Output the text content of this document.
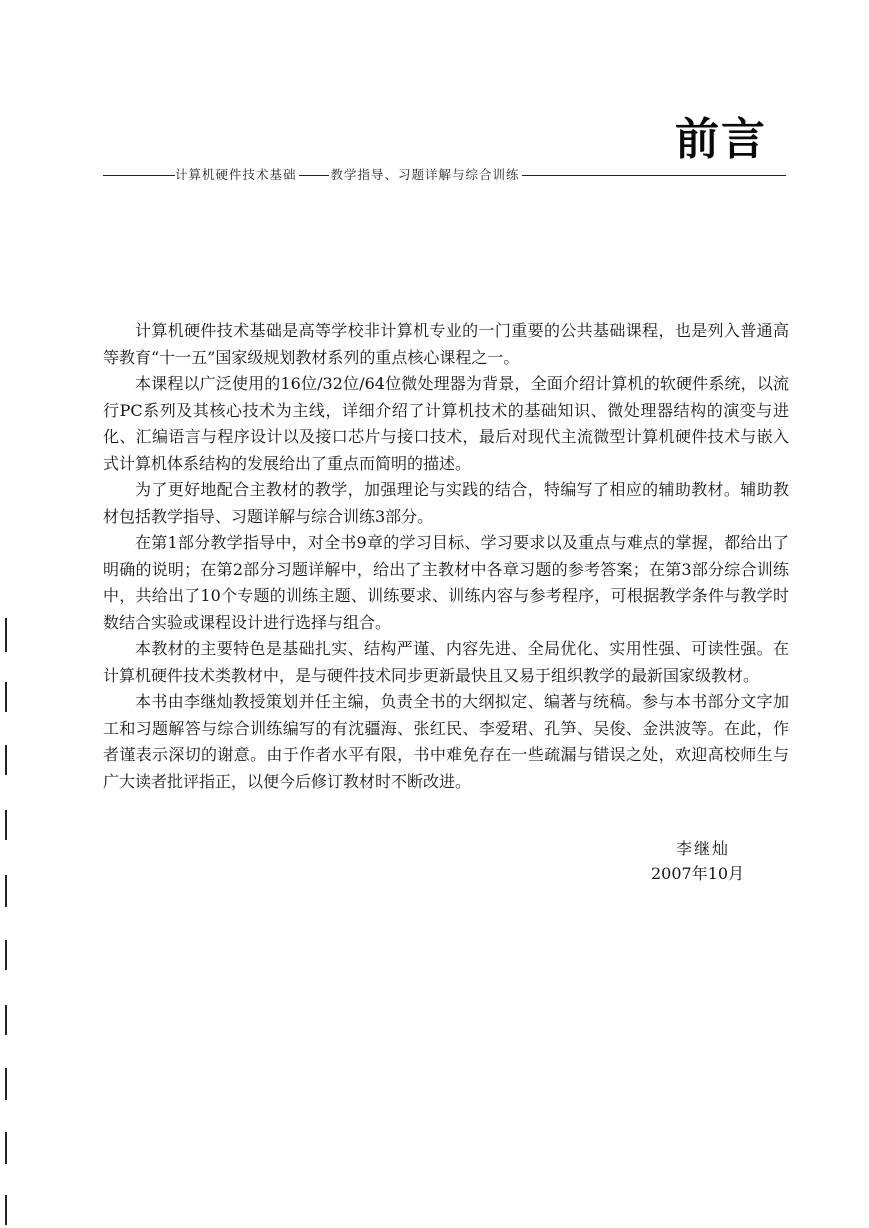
前言
计算机硬件技术基础	教学指导、习题详解与综合训练

计算机硬件技术基础是高等学校非计算机专业的一门重要的公共基础课程，也是列入普通高等教育“十一五”国家级规划教材系列的重点核心课程之一。

本课程以广泛使用的16位/32位/64位微处理器为背景，全面介绍计算机的软硬件系统，以流行PC系列及其核心技术为主线，详细介绍了计算机技术的基础知识、微处理器结构的演变与进化、汇编语言与程序设计以及接口芯片与接口技术，最后对现代主流微型计算机硬件技术与嵌入式计算机体系结构的发展给出了重点而简明的描述。

为了更好地配合主教材的教学，加强理论与实践的结合，特编写了相应的辅助教材。辅助教材包括教学指导、习题详解与综合训练3部分。

在第1部分教学指导中，对全书9章的学习目标、学习要求以及重点与难点的掌握，都给出了明确的说明；在第2部分习题详解中，给出了主教材中各章习题的参考答案；在第3部分综合训练中，共给出了10个专题的训练主题、训练要求、训练内容与参考程序，可根据教学条件与教学时数结合实验或课程设计进行选择与组合。

本教材的主要特色是基础扎实、结构严谨、内容先进、全局优化、实用性强、可读性强。在计算机硬件技术类教材中，是与硬件技术同步更新最快且又易于组织教学的最新国家级教材。

本书由李继灿教授策划并任主编，负责全书的大纲拟定、编著与统稿。参与本书部分文字加工和习题解答与综合训练编写的有沈疆海、张红民、李爱珺、孔笋、吴俊、金洪波等。在此，作者谨表示深切的谢意。由于作者水平有限，书中难免存在一些疏漏与错误之处，欢迎高校师生与广大读者批评指正，以便今后修订教材时不断改进。

李继灿
2007年10月
